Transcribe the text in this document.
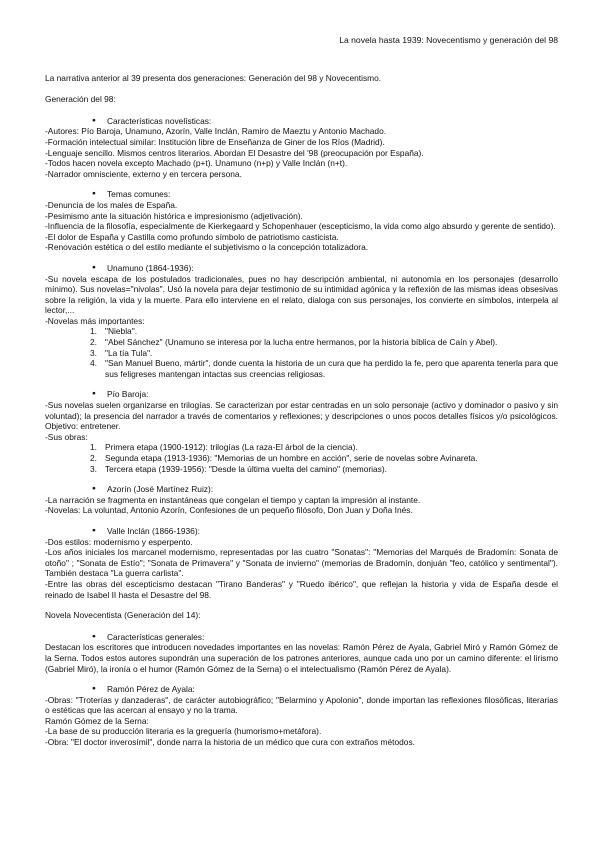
La novela hasta 1939: Novecentismo y generación del 98

La narrativa anterior al 39 presenta dos generaciones: Generación del 98 y Novecentismo.

Generación del 98:

● Características novelísticas:

-Autores: Pío Baroja, Unamuno, Azorín, Valle Inclán, Ramiro de Maeztu y Antonio Machado.

-Formación intelectual similar: Institución libre de Enseñanza de Giner de los Ríos (Madrid).

-Lenguaje sencillo. Mismos centros literarios. Abordan El Desastre del '98 (preocupación por España).

-Todos hacen novela excepto Machado (p+t). Unamuno (n+p) y Valle Inclán (n+t).

-Narrador omnisciente, externo y en tercera persona.

● Temas comunes:

-Denuncia de los males de España.

-Pesimismo ante la situación histórica e impresionismo (adjetivación).

-Influencia de la filosofía, especialmente de Kierkegaard y Schopenhauer (escepticismo, la vida como algo absurdo y gerente de sentido).

-El dolor de España y Castilla como profundo símbolo de patriotismo casticista.

-Renovación estética o del estilo mediante el subjetivismo o la concepción totalizadora.

● Unamuno (1864-1936):

-Su novela escapa de los postulados tradicionales, pues no hay descripción ambiental, ni autonomía en los personajes (desarrollo mínimo). Sus novelas="nivolas". Usó la novela para dejar testimonio de su intimidad agónica y la reflexión de las mismas ideas obsesivas sobre la religión, la vida y la muerte. Para ello interviene en el relato, dialoga con sus personajes, los convierte en símbolos, interpela al lector,...

-Novelas más importantes:

1. "Niebla".
2. "Abel Sánchez" (Unamuno se interesa por la lucha entre hermanos, por la historia bíblica de Caín y Abel).
3. "La tía Tula".
4. "San Manuel Bueno, mártir", donde cuenta la historia de un cura que ha perdido la fe, pero que aparenta tenerla para que sus feligreses mantengan intactas sus creencias religiosas.

● Pío Baroja:

-Sus novelas suelen organizarse en trilogías. Se caracterizan por estar centradas en un solo personaje (activo y dominador o pasivo y sin voluntad); la presencia del narrador a través de comentarios y reflexiones; y descripciones o unos pocos detalles físicos y/o psicológicos. Objetivo: entretener.

-Sus obras:

1. Primera etapa (1900-1912): trilogías (La raza-El árbol de la ciencia).
2. Segunda etapa (1913-1936): "Memorias de un hombre en acción", serie de novelas sobre Avinareta.
3. Tercera etapa (1939-1956): "Desde la última vuelta del camino" (memorias).

● Azorín (José Martínez Ruiz):

-La narración se fragmenta en instantáneas que congelan el tiempo y captan la impresión al instante.

-Novelas: La voluntad, Antonio Azorín, Confesiones de un pequeño filósofo, Don Juan y Doña Inés.

● Valle Inclán (1866-1936):

-Dos estilos: modernismo y esperpento.

-Los años iniciales los marcanel modernismo, representadas por las cuatro "Sonatas": "Memorias del Marqués de Bradomín: Sonata de otoño" ; "Sonata de Estío"; "Sonata de Primavera" y "Sonata de invierno" (memorias de Bradomín, donjuán "feo, católico y sentimental"). También destaca "La guerra carlista".

-Entre las obras del escepticismo destacan "Tirano Banderas" y "Ruedo ibérico", que reflejan la historia y vida de España desde el reinado de Isabel II hasta el Desastre del 98.

Novela Novecentista (Generación del 14):

● Características generales:

Destacan los escritores que introducen novedades importantes en las novelas: Ramón Pérez de Ayala, Gabriel Miró y Ramón Gómez de la Serna. Todos estos autores supondrán una superación de los patrones anteriores, aunque cada uno por un camino diferente: el lirismo (Gabriel Miró), la ironía o el humor (Ramón Gómez de la Serna) o el intelectualismo (Ramón Pérez de Ayala).

● Ramón Pérez de Ayala:

-Obras: "Troterías y danzaderas", de carácter autobiográfico; "Belarmino y Apolonio", donde importan las reflexiones filosóficas, literarias o estéticas que las acercan al ensayo y no la trama.

Ramón Gómez de la Serna:

-La base de su producción literaria es la greguería (humorismo+metáfora).

-Obra: "El doctor inverosímil", donde narra la historia de un médico que cura con extraños métodos.
